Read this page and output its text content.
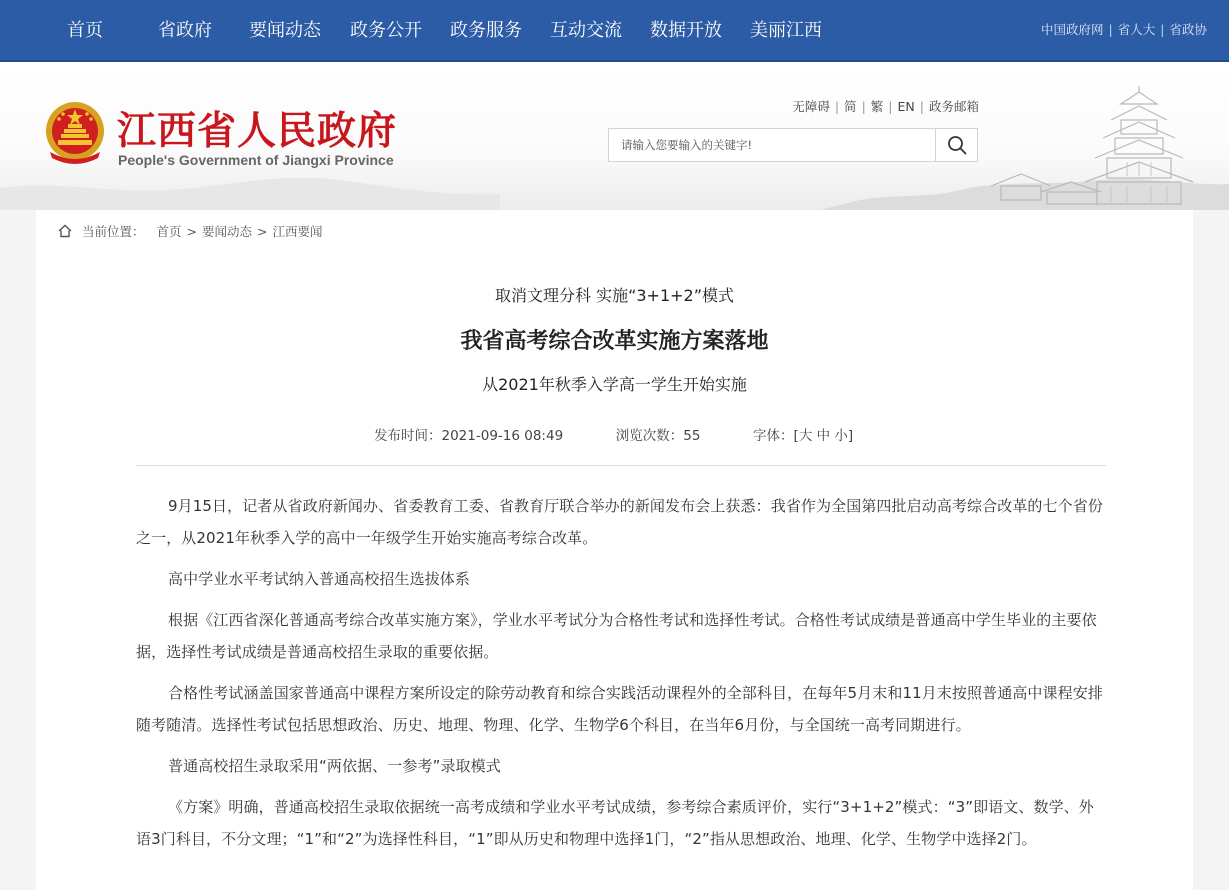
首页	省政府 要闻动态 政务公开 政务服务 互动交流 数据开放 美丽江西	中国政府网 | 省人大 | 省政协
江西省人民政府
People's Government of Jiangxi Province
无障碍 | 简 | 繁 | EN | 政务邮箱
请输入您要输入的关键字!
当前位置： 首页 > 要闻动态 > 江西要闻
取消文理分科 实施“3+1+2”模式
我省高考综合改革实施方案落地
从2021年秋季入学高一学生开始实施
发布时间：2021-09-16 08:49	浏览次数：55	字体：[大 中 小]

9月15日，记者从省政府新闻办、省委教育工委、省教育厅联合举办的新闻发布会上获悉：我省作为全国第四批启动高考综合改革的七个省份之一，从2021年秋季入学的高中一年级学生开始实施高考综合改革。

高中学业水平考试纳入普通高校招生选拔体系

根据《江西省深化普通高考综合改革实施方案》，学业水平考试分为合格性考试和选择性考试。合格性考试成绩是普通高中学生毕业的主要依据，选择性考试成绩是普通高校招生录取的重要依据。

合格性考试涵盖国家普通高中课程方案所设定的除劳动教育和综合实践活动课程外的全部科目，在每年5月末和11月末按照普通高中课程安排随考随清。选择性考试包括思想政治、历史、地理、物理、化学、生物学6个科目，在当年6月份，与全国统一高考同期进行。

普通高校招生录取采用“两依据、一参考”录取模式

《方案》明确，普通高校招生录取依据统一高考成绩和学业水平考试成绩，参考综合素质评价，实行“3+1+2”模式：“3”即语文、数学、外语3门科目，不分文理；“1”和“2”为选择性科目，“1”即从历史和物理中选择1门，“2”指从思想政治、地理、化学、生物学中选择2门。
